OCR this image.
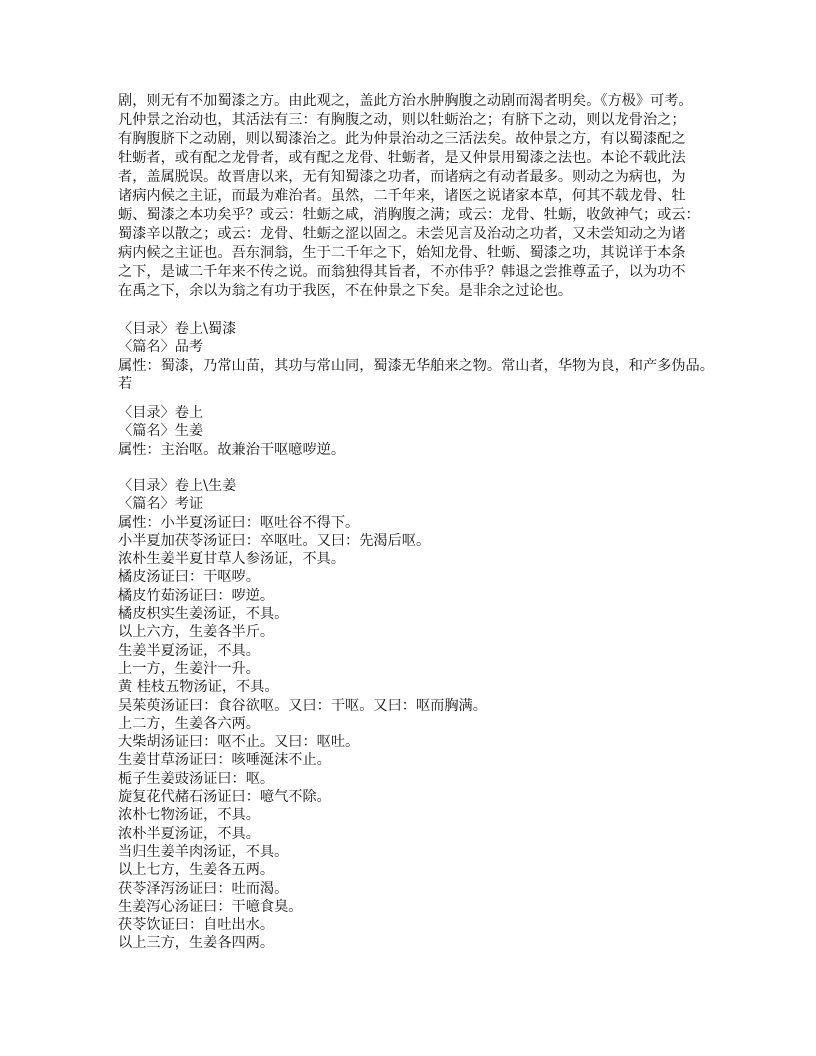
剧，则无有不加蜀漆之方。由此观之，盖此方治水肿胸腹之动剧而渴者明矣。《方极》可考。
凡仲景之治动也，其活法有三：有胸腹之动，则以牡蛎治之；有脐下之动，则以龙骨治之；
有胸腹脐下之动剧，则以蜀漆治之。此为仲景治动之三活法矣。故仲景之方，有以蜀漆配之
牡蛎者，或有配之龙骨者，或有配之龙骨、牡蛎者，是又仲景用蜀漆之法也。本论不载此法
者，盖属脱误。故晋唐以来，无有知蜀漆之功者，而诸病之有动者最多。则动之为病也，为
诸病内候之主证，而最为难治者。虽然，二千年来，诸医之说诸家本草，何其不载龙骨、牡
蛎、蜀漆之本功矣乎？或云：牡蛎之咸，消胸腹之满；或云：龙骨、牡蛎，收敛神气；或云：
蜀漆辛以散之；或云：龙骨、牡蛎之涩以固之。未尝见言及治动之功者，又未尝知动之为诸
病内候之主证也。吾东洞翁，生于二千年之下，始知龙骨、牡蛎、蜀漆之功，其说详于本条
之下，是诚二千年来不传之说。而翁独得其旨者，不亦伟乎？韩退之尝推尊孟子，以为功不
在禹之下，余以为翁之有功于我医，不在仲景之下矣。是非余之过论也。
〈目录〉卷上\蜀漆
〈篇名〉品考
属性：蜀漆，乃常山苗，其功与常山同，蜀漆无华舶来之物。常山者，华物为良，和产多伪品。
若
〈目录〉卷上
〈篇名〉生姜
属性：主治呕。故兼治干呕噫哕逆。
〈目录〉卷上\生姜
〈篇名〉考证
属性：小半夏汤证曰：呕吐谷不得下。
小半夏加茯苓汤证曰：卒呕吐。又曰：先渴后呕。
浓朴生姜半夏甘草人参汤证，不具。
橘皮汤证曰：干呕哕。
橘皮竹茹汤证曰：哕逆。
橘皮枳实生姜汤证，不具。
以上六方，生姜各半斤。
生姜半夏汤证，不具。
上一方，生姜汁一升。
黄 桂枝五物汤证，不具。
吴茱萸汤证曰：食谷欲呕。又曰：干呕。又曰：呕而胸满。
上二方，生姜各六两。
大柴胡汤证曰：呕不止。又曰：呕吐。
生姜甘草汤证曰：咳唾涎沫不止。
栀子生姜豉汤证曰：呕。
旋复花代赭石汤证曰：噫气不除。
浓朴七物汤证，不具。
浓朴半夏汤证，不具。
当归生姜羊肉汤证，不具。
以上七方，生姜各五两。
茯苓泽泻汤证曰：吐而渴。
生姜泻心汤证曰：干噫食臭。
茯苓饮证曰：自吐出水。
以上三方，生姜各四两。
